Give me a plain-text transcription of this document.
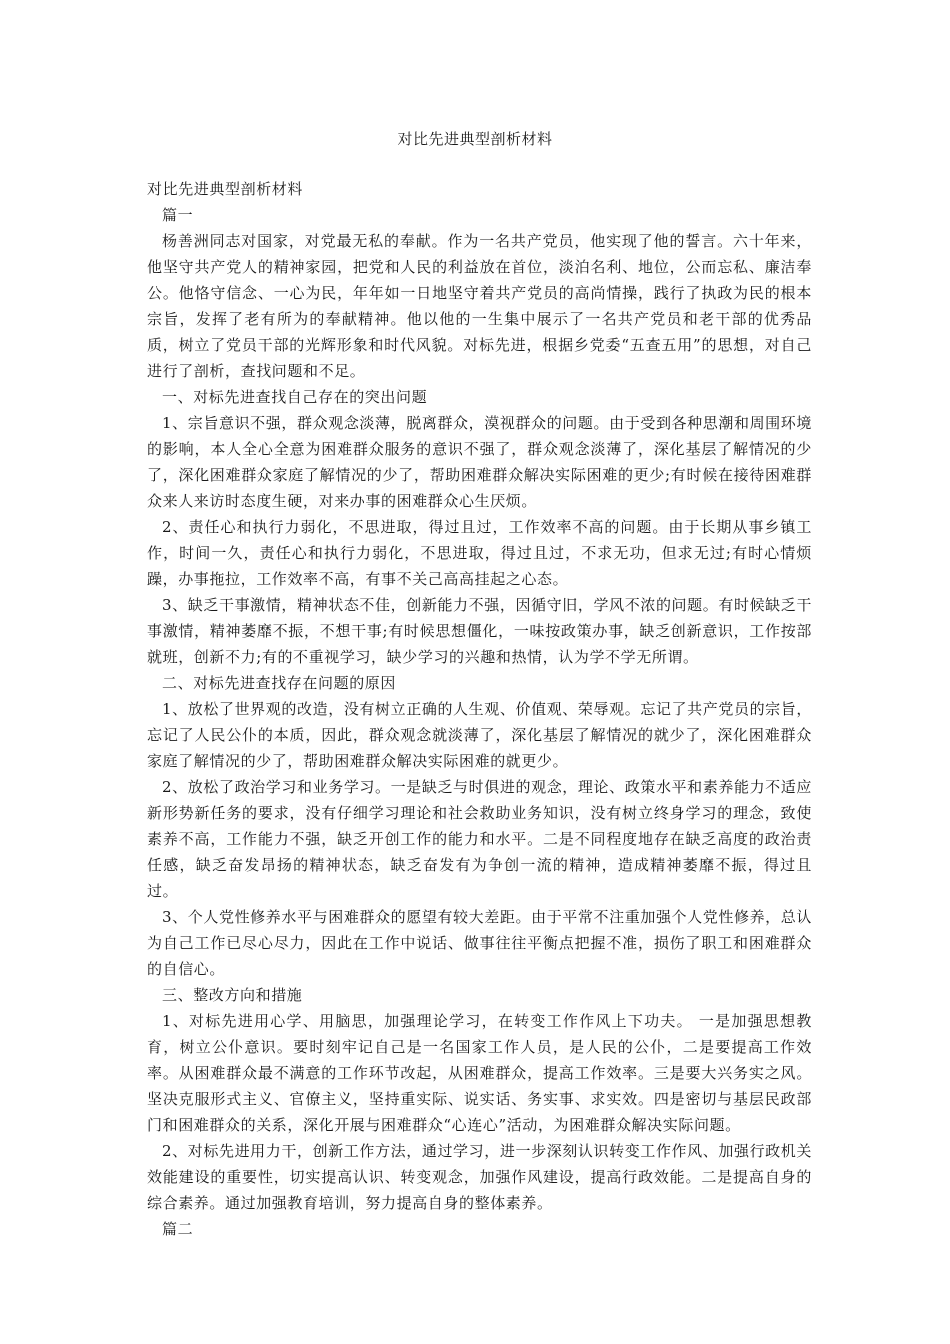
对比先进典型剖析材料

对比先进典型剖析材料

篇一

杨善洲同志对国家，对党最无私的奉献。作为一名共产党员，他实现了他的誓言。六十年来，他坚守共产党人的精神家园，把党和人民的利益放在首位，淡泊名利、地位，公而忘私、廉洁奉公。他恪守信念、一心为民，年年如一日地坚守着共产党员的高尚情操，践行了执政为民的根本宗旨，发挥了老有所为的奉献精神。他以他的一生集中展示了一名共产党员和老干部的优秀品质，树立了党员干部的光辉形象和时代风貌。对标先进，根据乡党委“五查五用”的思想，对自己进行了剖析，查找问题和不足。

一、对标先进查找自己存在的突出问题

1、宗旨意识不强，群众观念淡薄，脱离群众，漠视群众的问题。由于受到各种思潮和周围环境的影响，本人全心全意为困难群众服务的意识不强了，群众观念淡薄了，深化基层了解情况的少了，深化困难群众家庭了解情况的少了，帮助困难群众解决实际困难的更少;有时候在接待困难群众来人来访时态度生硬，对来办事的困难群众心生厌烦。

2、责任心和执行力弱化，不思进取，得过且过，工作效率不高的问题。由于长期从事乡镇工作，时间一久，责任心和执行力弱化，不思进取，得过且过，不求无功，但求无过;有时心情烦躁，办事拖拉，工作效率不高，有事不关己高高挂起之心态。

3、缺乏干事激情，精神状态不佳，创新能力不强，因循守旧，学风不浓的问题。有时候缺乏干事激情，精神萎靡不振，不想干事;有时候思想僵化，一味按政策办事，缺乏创新意识，工作按部就班，创新不力;有的不重视学习，缺少学习的兴趣和热情，认为学不学无所谓。

二、对标先进查找存在问题的原因

1、放松了世界观的改造，没有树立正确的人生观、价值观、荣辱观。忘记了共产党员的宗旨，忘记了人民公仆的本质，因此，群众观念就淡薄了，深化基层了解情况的就少了，深化困难群众家庭了解情况的少了，帮助困难群众解决实际困难的就更少。

2、放松了政治学习和业务学习。一是缺乏与时俱进的观念，理论、政策水平和素养能力不适应新形势新任务的要求，没有仔细学习理论和社会救助业务知识，没有树立终身学习的理念，致使素养不高，工作能力不强，缺乏开创工作的能力和水平。二是不同程度地存在缺乏高度的政治责任感，缺乏奋发昂扬的精神状态，缺乏奋发有为争创一流的精神，造成精神萎靡不振，得过且过。

3、个人党性修养水平与困难群众的愿望有较大差距。由于平常不注重加强个人党性修养，总认为自己工作已尽心尽力，因此在工作中说话、做事往往平衡点把握不准，损伤了职工和困难群众的自信心。

三、整改方向和措施

1、对标先进用心学、用脑思，加强理论学习，在转变工作作风上下功夫。 一是加强思想教育，树立公仆意识。要时刻牢记自己是一名国家工作人员，是人民的公仆，二是要提高工作效率。从困难群众最不满意的工作环节改起，从困难群众，提高工作效率。三是要大兴务实之风。坚决克服形式主义、官僚主义，坚持重实际、说实话、务实事、求实效。四是密切与基层民政部门和困难群众的关系，深化开展与困难群众“心连心”活动，为困难群众解决实际问题。

2、对标先进用力干，创新工作方法，通过学习，进一步深刻认识转变工作作风、加强行政机关效能建设的重要性，切实提高认识、转变观念，加强作风建设，提高行政效能。二是提高自身的综合素养。通过加强教育培训，努力提高自身的整体素养。

篇二
